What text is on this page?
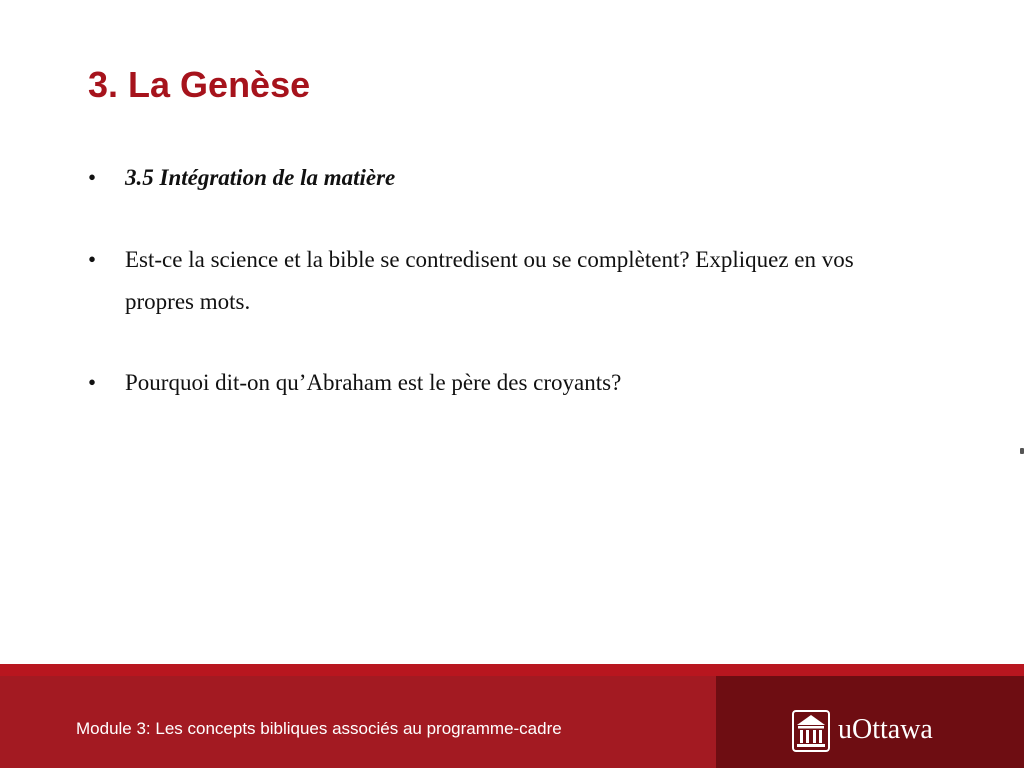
3. La Genèse
• 3.5 Intégration de la matière
• Est-ce la science et la bible se contredisent ou se complètent? Expliquez en vos propres mots.
• Pourquoi dit-on qu’Abraham est le père des croyants?
Module 3: Les concepts bibliques associés au programme-cadre	uOttawa
